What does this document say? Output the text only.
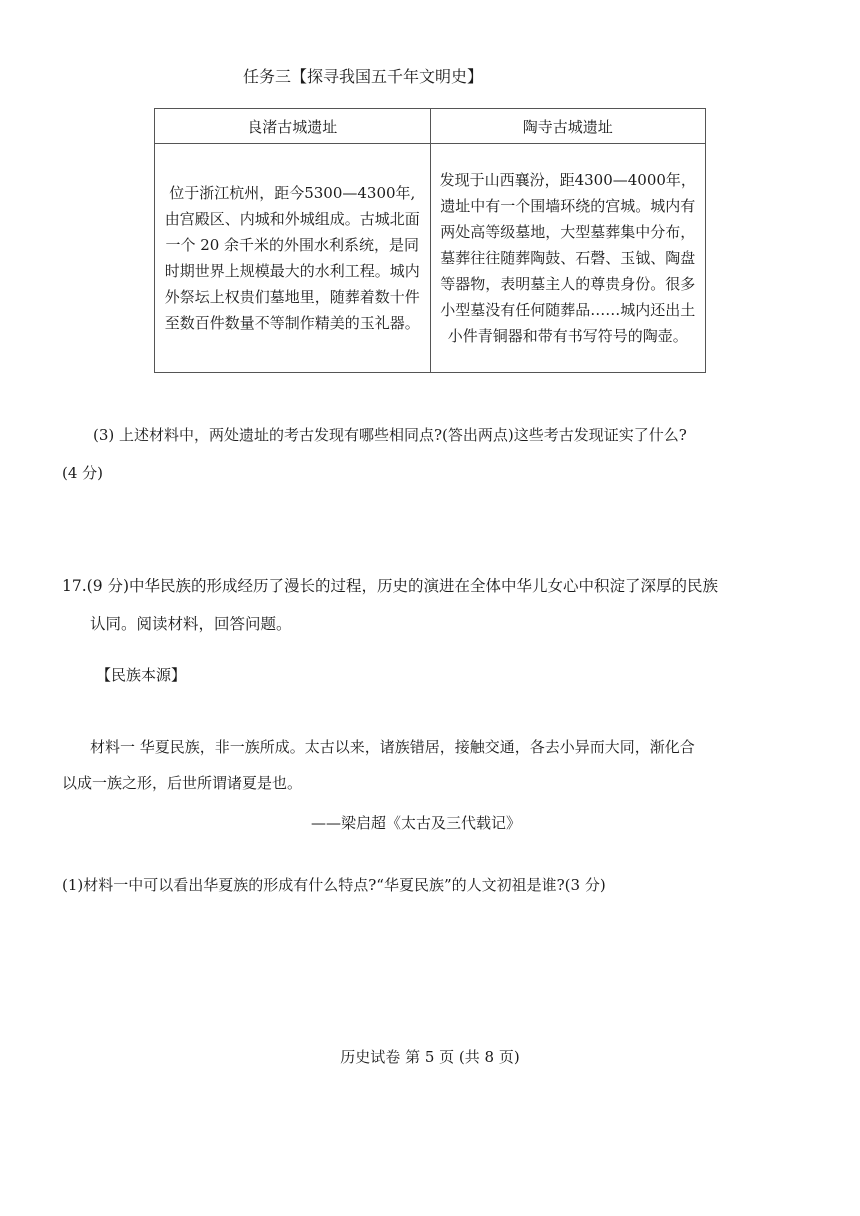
任务三【探寻我国五千年文明史】
良渚古城遗址	陶寺古城遗址
位于浙江杭州，距今5300—4300年,由宫殿区、内城和外城组成。古城北面一个 20 余千米的外围水利系统，是同时期世界上规模最大的水利工程。城内外祭坛上权贵们墓地里，随葬着数十件至数百件数量不等制作精美的玉礼器。	发现于山西襄汾，距4300—4000年，遗址中有一个围墙环绕的宫城。城内有两处高等级墓地，大型墓葬集中分布，墓葬往往随葬陶鼓、石磬、玉钺、陶盘等器物，表明墓主人的尊贵身份。很多小型墓没有任何随葬品……城内还出土小件青铜器和带有书写符号的陶壶。
(3) 上述材料中，两处遗址的考古发现有哪些相同点?(答出两点)这些考古发现证实了什么?
(4 分)
17.(9 分)中华民族的形成经历了漫长的过程，历史的演进在全体中华儿女心中积淀了深厚的民族
认同。阅读材料，回答问题。
【民族本源】
材料一 华夏民族，非一族所成。太古以来，诸族错居，接触交通，各去小异而大同，渐化合
以成一族之形，后世所谓诸夏是也。
——梁启超《太古及三代载记》
(1)材料一中可以看出华夏族的形成有什么特点?“华夏民族”的人文初祖是谁?(3 分)
历史试卷 第 5 页 (共 8 页)
